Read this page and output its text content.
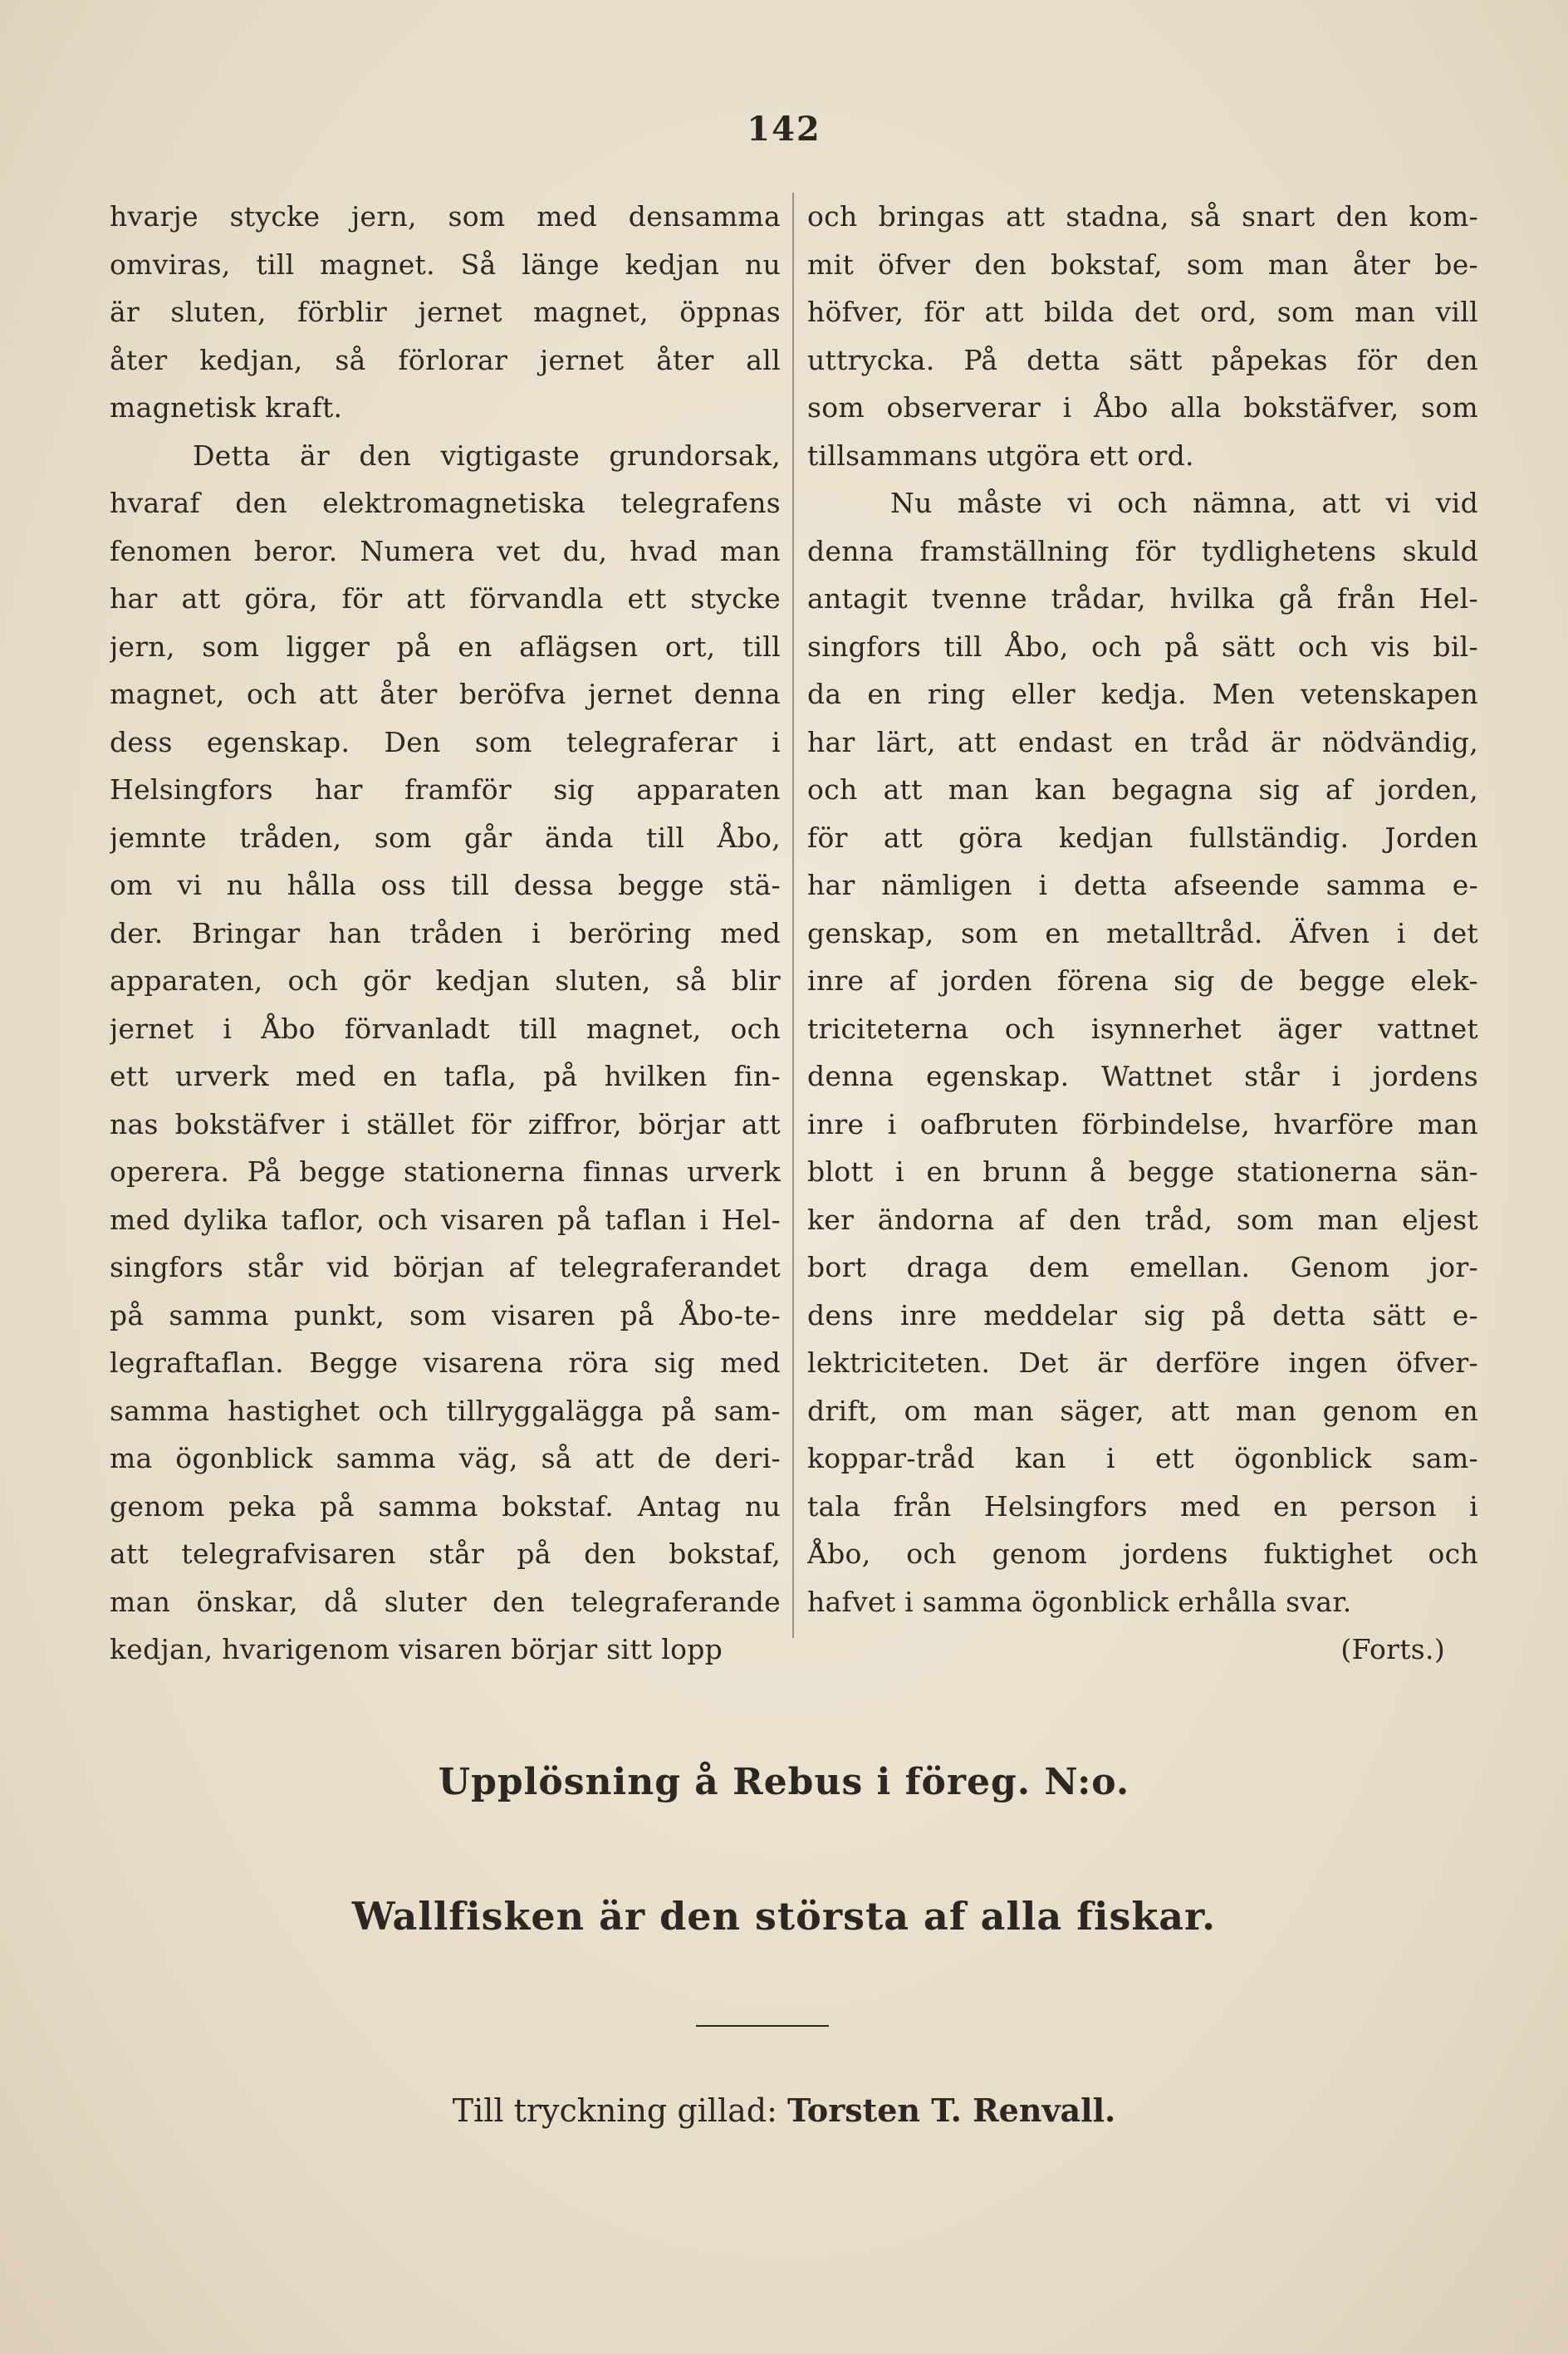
142
hvarje stycke jern, som med densamma
omviras, till magnet. Så länge kedjan nu
är sluten, förblir jernet magnet, öppnas
åter kedjan, så förlorar jernet åter all
magnetisk kraft.
Detta är den vigtigaste grundorsak,
hvaraf den elektromagnetiska telegrafens
fenomen beror. Numera vet du, hvad man
har att göra, för att förvandla ett stycke
jern, som ligger på en aflägsen ort, till
magnet, och att åter beröfva jernet denna
dess egenskap. Den som telegraferar i
Helsingfors har framför sig apparaten
jemnte tråden, som går ända till Åbo,
om vi nu hålla oss till dessa begge stä-
der. Bringar han tråden i beröring med
apparaten, och gör kedjan sluten, så blir
jernet i Åbo förvanladt till magnet, och
ett urverk med en tafla, på hvilken fin-
nas bokstäfver i stället för ziffror, börjar att
operera. På begge stationerna finnas urverk
med dylika taflor, och visaren på taflan i Hel-
singfors står vid början af telegraferandet
på samma punkt, som visaren på Åbo-te-
legraftaflan. Begge visarena röra sig med
samma hastighet och tillryggalägga på sam-
ma ögonblick samma väg, så att de deri-
genom peka på samma bokstaf. Antag nu
att telegrafvisaren står på den bokstaf,
man önskar, då sluter den telegraferande
kedjan, hvarigenom visaren börjar sitt lopp
och bringas att stadna, så snart den kom-
mit öfver den bokstaf, som man åter be-
höfver, för att bilda det ord, som man vill
uttrycka. På detta sätt påpekas för den
som observerar i Åbo alla bokstäfver, som
tillsammans utgöra ett ord.
Nu måste vi och nämna, att vi vid
denna framställning för tydlighetens skuld
antagit tvenne trådar, hvilka gå från Hel-
singfors till Åbo, och på sätt och vis bil-
da en ring eller kedja. Men vetenskapen
har lärt, att endast en tråd är nödvändig,
och att man kan begagna sig af jorden,
för att göra kedjan fullständig. Jorden
har nämligen i detta afseende samma e-
genskap, som en metalltråd. Äfven i det
inre af jorden förena sig de begge elek-
triciteterna och isynnerhet äger vattnet
denna egenskap. Wattnet står i jordens
inre i oafbruten förbindelse, hvarföre man
blott i en brunn å begge stationerna sän-
ker ändorna af den tråd, som man eljest
bort draga dem emellan. Genom jor-
dens inre meddelar sig på detta sätt e-
lektriciteten. Det är derföre ingen öfver-
drift, om man säger, att man genom en
koppar-tråd kan i ett ögonblick sam-
tala från Helsingfors med en person i
Åbo, och genom jordens fuktighet och
hafvet i samma ögonblick erhålla svar.
(Forts.)
Upplösning å Rebus i föreg. N:o.
Wallfisken är den största af alla fiskar.
Till tryckning gillad: Torsten T. Renvall.
